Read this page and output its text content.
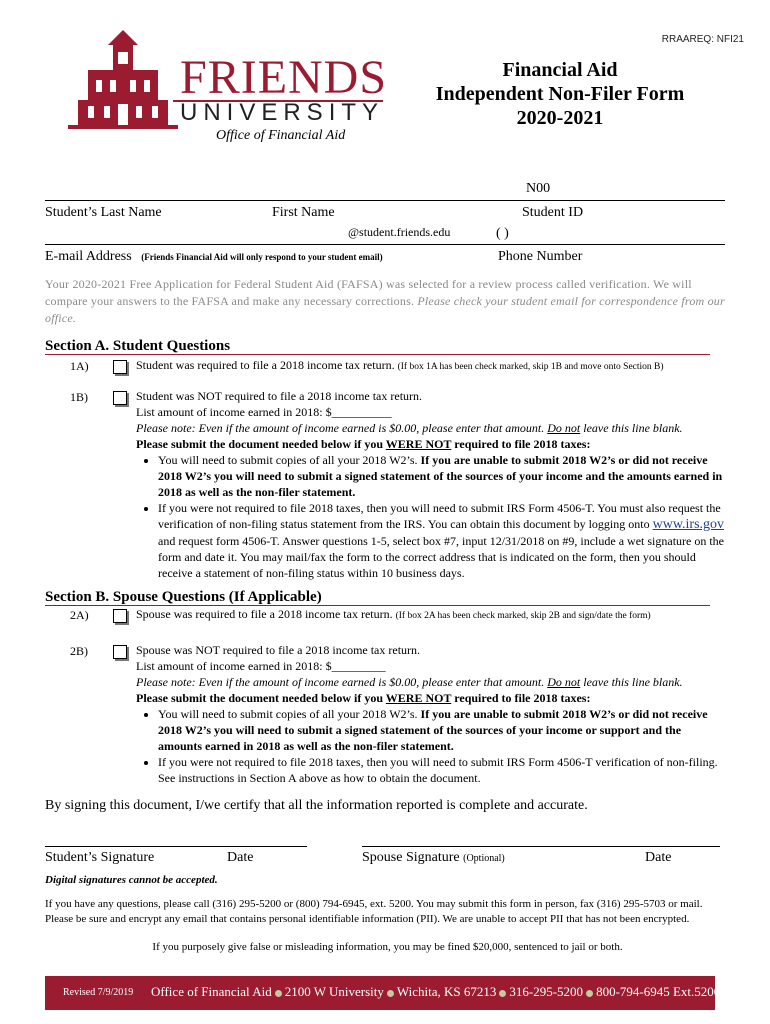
RRAAREQ: NFI21
FRIENDS
UNIVERSITY
Office of Financial Aid
Financial Aid
Independent Non-Filer Form
2020-2021
N00
Student’s Last Name	First Name	Student ID
@student.friends.edu	( )
E-mail Address (Friends Financial Aid will only respond to your student email)	Phone Number
Your 2020-2021 Free Application for Federal Student Aid (FAFSA) was selected for a review process called verification. We will compare your answers to the FAFSA and make any necessary corrections. Please check your student email for correspondence from our office.
Section A. Student Questions
1A)	Student was required to file a 2018 income tax return. (If box 1A has been check marked, skip 1B and move onto Section B)
1B)	Student was NOT required to file a 2018 income tax return.
List amount of income earned in 2018: $__________
Please note: Even if the amount of income earned is $0.00, please enter that amount. Do not leave this line blank.
Please submit the document needed below if you WERE NOT required to file 2018 taxes:
• You will need to submit copies of all your 2018 W2’s. If you are unable to submit 2018 W2’s or did not receive 2018 W2’s you will need to submit a signed statement of the sources of your income and the amounts earned in 2018 as well as the non-filer statement.
• If you were not required to file 2018 taxes, then you will need to submit IRS Form 4506-T. You must also request the verification of non-filing status statement from the IRS. You can obtain this document by logging onto www.irs.gov and request form 4506-T. Answer questions 1-5, select box #7, input 12/31/2018 on #9, include a wet signature on the form and date it. You may mail/fax the form to the correct address that is indicated on the form, then you should receive a statement of non-filing status within 10 business days.
Section B. Spouse Questions (If Applicable)
2A)	Spouse was required to file a 2018 income tax return. (If box 2A has been check marked, skip 2B and sign/date the form)
2B)	Spouse was NOT required to file a 2018 income tax return.
List amount of income earned in 2018: $_________
Please note: Even if the amount of income earned is $0.00, please enter that amount. Do not leave this line blank.
Please submit the document needed below if you WERE NOT required to file 2018 taxes:
• You will need to submit copies of all your 2018 W2’s. If you are unable to submit 2018 W2’s or did not receive 2018 W2’s you will need to submit a signed statement of the sources of your income or support and the amounts earned in 2018 as well as the non-filer statement.
• If you were not required to file 2018 taxes, then you will need to submit IRS Form 4506-T verification of non-filing. See instructions in Section A above as how to obtain the document.
By signing this document, I/we certify that all the information reported is complete and accurate.
Student’s Signature	Date	Spouse Signature (Optional)	Date
Digital signatures cannot be accepted.
If you have any questions, please call (316) 295-5200 or (800) 794-6945, ext. 5200. You may submit this form in person, fax (316) 295-5703 or mail. Please be sure and encrypt any email that contains personal identifiable information (PII). We are unable to accept PII that has not been encrypted.
If you purposely give false or misleading information, you may be fined $20,000, sentenced to jail or both.
Revised 7/9/2019 Office of Financial Aid 2100 W University Wichita, KS 67213 316-295-5200 800-794-6945 Ext.5200
